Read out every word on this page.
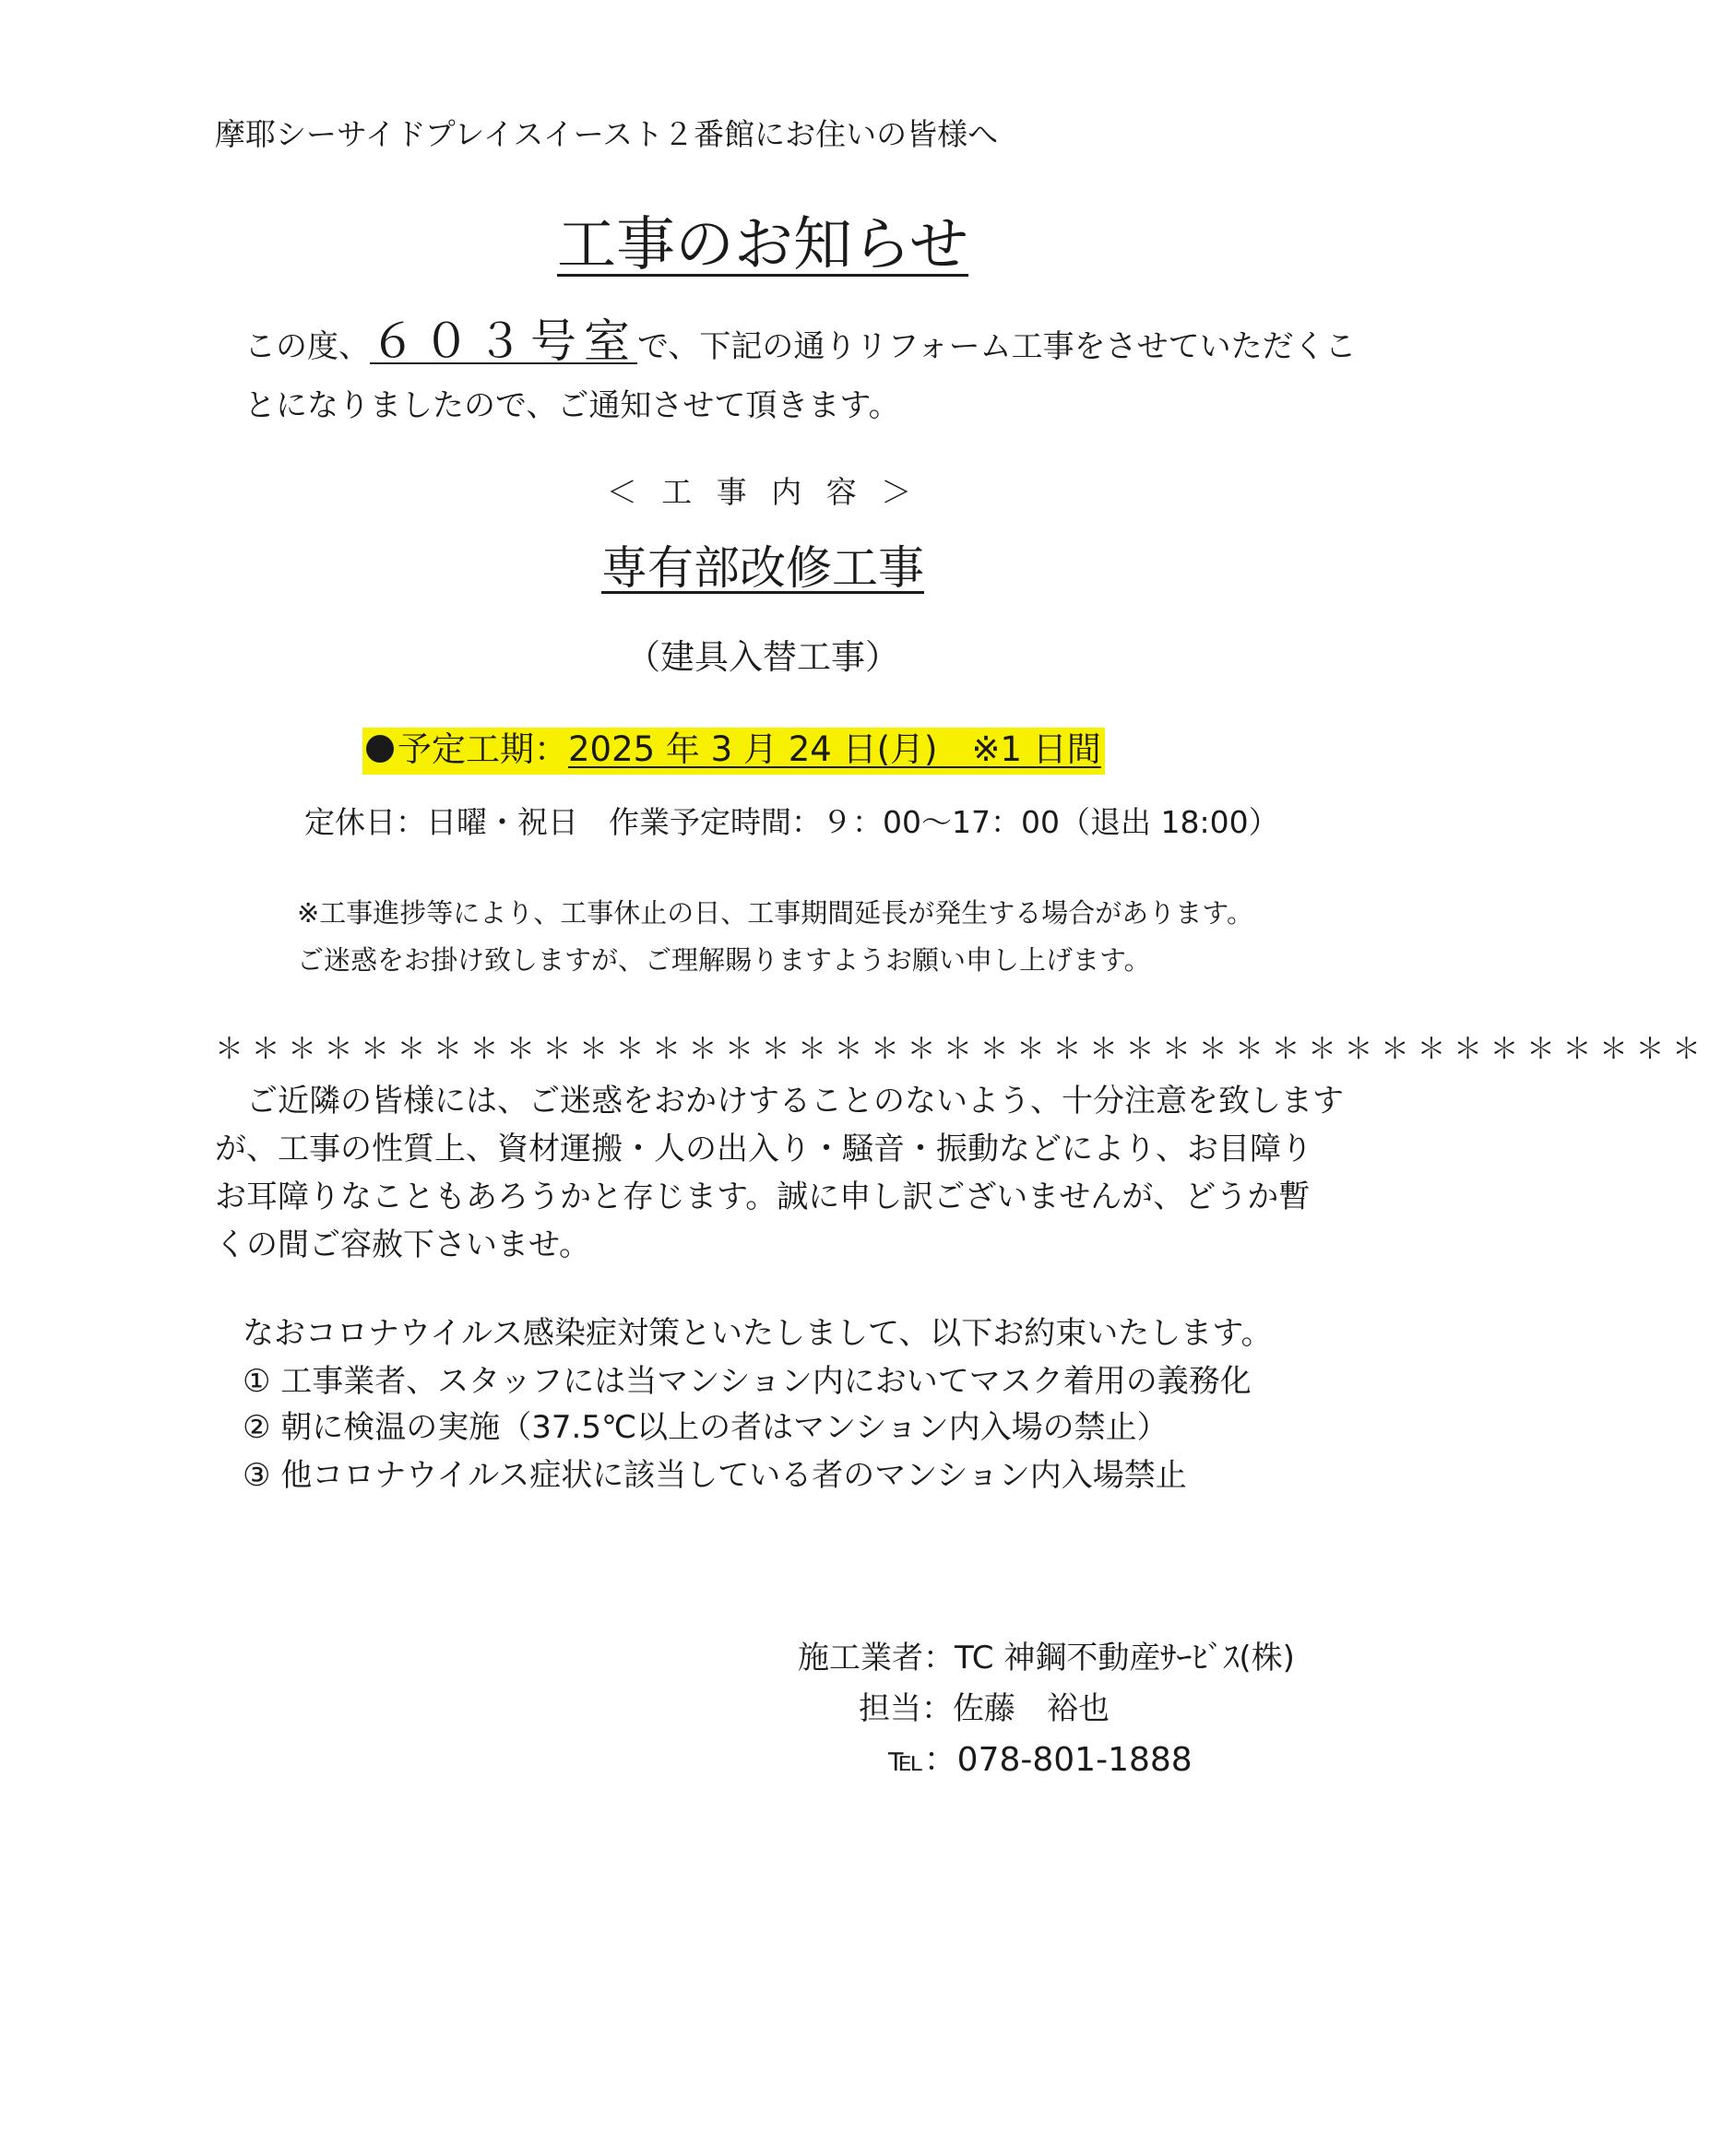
摩耶シーサイドプレイスイースト２番館にお住いの皆様へ
工事のお知らせ
この度、６０３号室で、下記の通りリフォーム工事をさせていただくこ
とになりましたので、ご通知させて頂きます。
＜ 工 事 内 容 ＞
専有部改修工事
（建具入替工事）
予定工期：2025 年 3 月 24 日(月)　※1 日間
定休日：日曜・祝日　作業予定時間：９：00～17：00（退出 18:00）
※工事進捗等により、工事休止の日、工事期間延長が発生する場合があります。
ご迷惑をお掛け致しますが、ご理解賜りますようお願い申し上げます。
＊＊＊＊＊＊＊＊＊＊＊＊＊＊＊＊＊＊＊＊＊＊＊＊＊＊＊＊＊＊＊＊＊＊＊＊＊＊＊＊＊
　ご近隣の皆様には、ご迷惑をおかけすることのないよう、十分注意を致します
が、工事の性質上、資材運搬・人の出入り・騒音・振動などにより、お目障り
お耳障りなこともあろうかと存じます。誠に申し訳ございませんが、どうか暫
くの間ご容赦下さいませ。
なおコロナウイルス感染症対策といたしまして、以下お約束いたします。
① 工事業者、スタッフには当マンション内においてマスク着用の義務化
② 朝に検温の実施（37.5℃以上の者はマンション内入場の禁止）
③ 他コロナウイルス症状に該当している者のマンション内入場禁止
施工業者：TC 神鋼不動産ｻｰﾋﾞｽ(株)
担当：佐藤　裕也
℡：078-801-1888
